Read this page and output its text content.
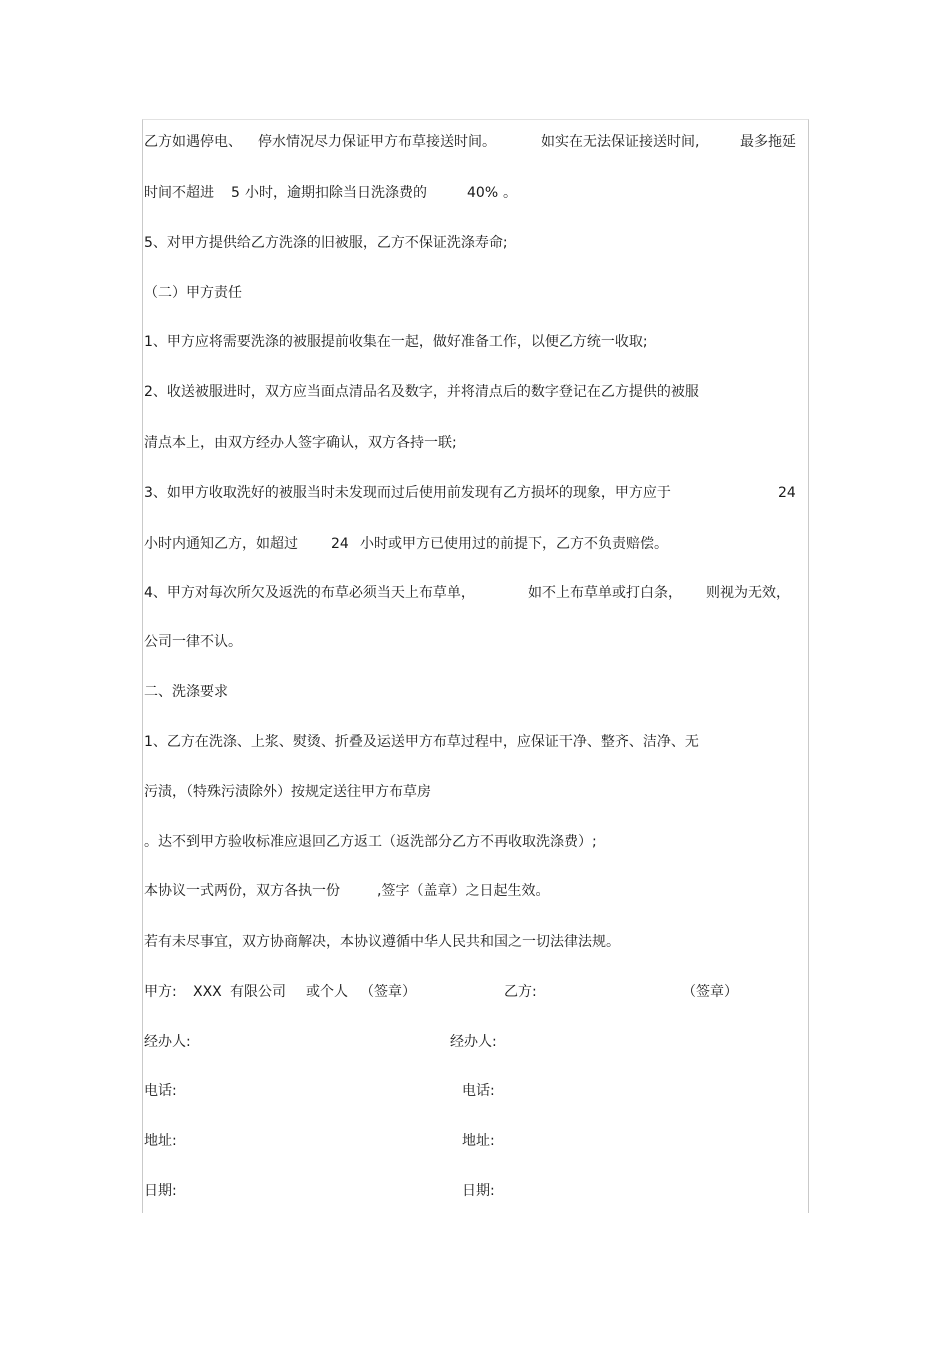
乙方如遇停电、 停水情况尽力保证甲方布草接送时间。	如实在无法保证接送时间,	最多拖延
时间不超进 5 小时，逾期扣除当日洗涤费的	40% 。
5、对甲方提供给乙方洗涤的旧被服，乙方不保证洗涤寿命;
（二）甲方责任
1、甲方应将需要洗涤的被服提前收集在一起，做好准备工作，以便乙方统一收取;
2、收送被服进时，双方应当面点清品名及数字，并将清点后的数字登记在乙方提供的被服
清点本上，由双方经办人签字确认，双方各持一联;
3、如甲方收取洗好的被服当时未发现而过后使用前发现有乙方损坏的现象，甲方应于	24
小时内通知乙方，如超过 24 小时或甲方已使用过的前提下，乙方不负责赔偿。
4、甲方对每次所欠及返洗的布草必须当天上布草单，	如不上布草单或打白条， 则视为无效，
公司一律不认。
二、洗涤要求
1、乙方在洗涤、上浆、熨烫、折叠及运送甲方布草过程中，应保证干净、整齐、洁净、无
污渍，（特殊污渍除外）按规定送往甲方布草房
。达不到甲方验收标准应退回乙方返工（返洗部分乙方不再收取洗涤费）;
本协议一式两份，双方各执一份	,签字（盖章）之日起生效。
若有未尽事宜，双方协商解决，本协议遵循中华人民共和国之一切法律法规。
甲方: XXX 有限公司 或个人 （签章）	乙方:	（签章）
经办人:	经办人:
电话:	电话:
地址:	地址:
日期:	日期:
